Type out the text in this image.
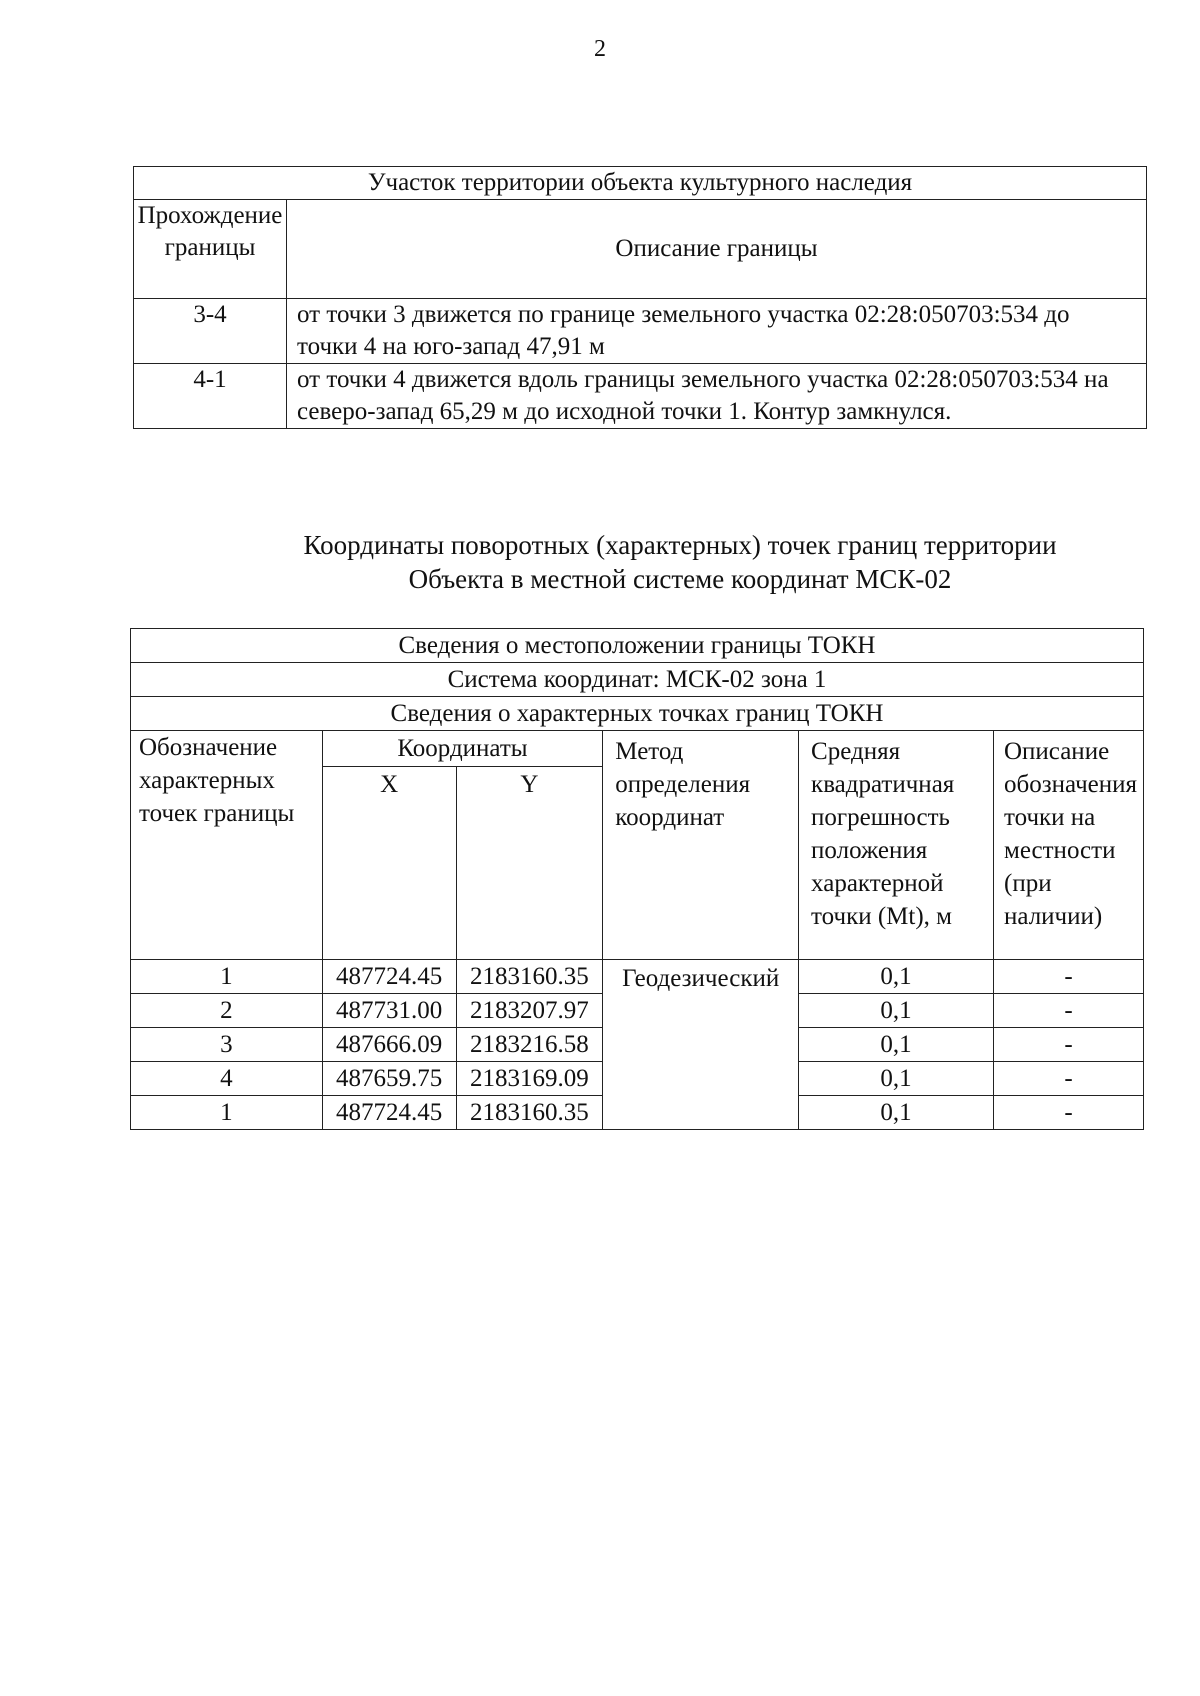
2
Участок территории объекта культурного наследия	
Прохождение границы	Описание границы
3-4	от точки 3 движется по границе земельного участка 02:28:050703:534 до точки 4 на юго-запад 47,91 м
4-1	от точки 4 движется вдоль границы земельного участка 02:28:050703:534 на северо-запад 65,29 м до исходной точки 1. Контур замкнулся.
Координаты поворотных (характерных) точек границ территории
Объекта в местной системе координат МСК-02
Сведения о местоположении границы ТОКН					
Система координат: МСК-02 зона 1					
Сведения о характерных точках границ ТОКН					
Обозначение характерных точек границы	Координаты		Метод определения координат	Средняя квадратичная погрешность положения характерной точки (Mt), м	Описание обозначения точки на местности (при наличии)
	X	Y			
1	487724.45	2183160.35	Геодезический	0,1	-
2	487731.00	2183207.97		0,1	-
3	487666.09	2183216.58		0,1	-
4	487659.75	2183169.09		0,1	-
1	487724.45	2183160.35		0,1	-
